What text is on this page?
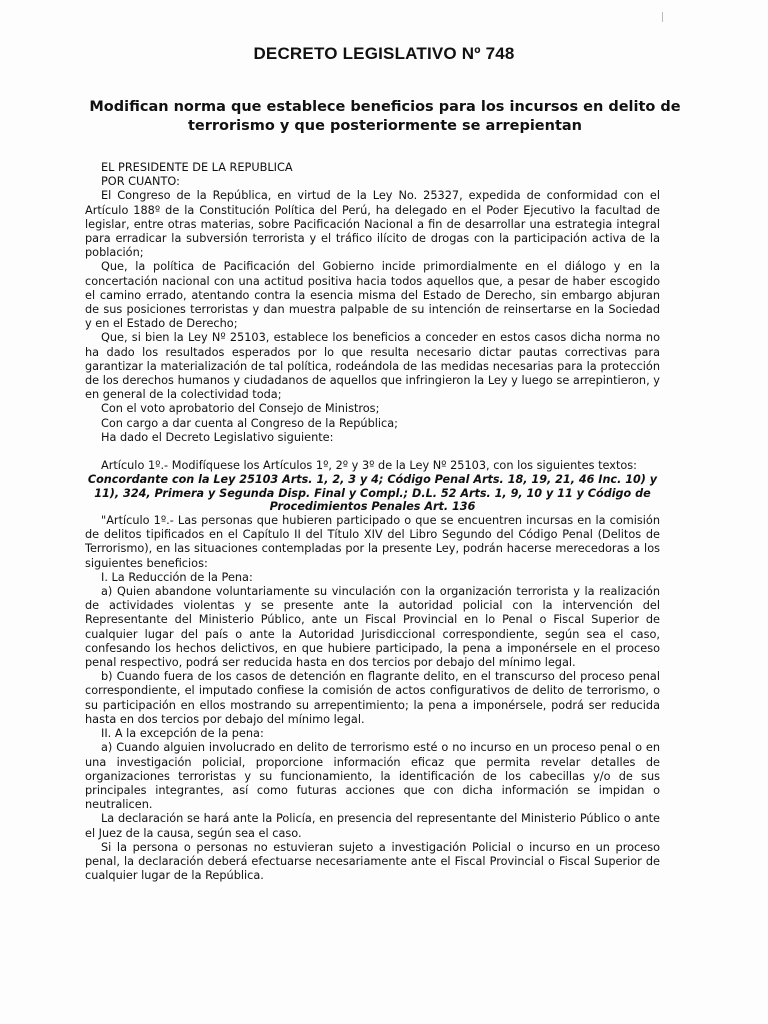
DECRETO LEGISLATIVO Nº 748
Modifican norma que establece beneficios para los incursos en delito de terrorismo y que posteriormente se arrepientan

EL PRESIDENTE DE LA REPUBLICA

POR CUANTO:

El Congreso de la República, en virtud de la Ley No. 25327, expedida de conformidad con el Artículo 188º de la Constitución Política del Perú, ha delegado en el Poder Ejecutivo la facultad de legislar, entre otras materias, sobre Pacificación Nacional a fin de desarrollar una estrategia integral para erradicar la subversión terrorista y el tráfico ilícito de drogas con la participación activa de la población;

Que, la política de Pacificación del Gobierno incide primordialmente en el diálogo y en la concertación nacional con una actitud positiva hacia todos aquellos que, a pesar de haber escogido el camino errado, atentando contra la esencia misma del Estado de Derecho, sin embargo abjuran de sus posiciones terroristas y dan muestra palpable de su intención de reinsertarse en la Sociedad y en el Estado de Derecho;

Que, si bien la Ley Nº 25103, establece los beneficios a conceder en estos casos dicha norma no ha dado los resultados esperados por lo que resulta necesario dictar pautas correctivas para garantizar la materialización de tal política, rodeándola de las medidas necesarias para la protección de los derechos humanos y ciudadanos de aquellos que infringieron la Ley y luego se arrepintieron, y en general de la colectividad toda;

Con el voto aprobatorio del Consejo de Ministros;

Con cargo a dar cuenta al Congreso de la República;

Ha dado el Decreto Legislativo siguiente:

Artículo 1º.- Modifíquese los Artículos 1º, 2º y 3º de la Ley Nº 25103, con los siguientes textos:

Concordante con la Ley 25103 Arts. 1, 2, 3 y 4; Código Penal Arts. 18, 19, 21, 46 Inc. 10) y 11), 324, Primera y Segunda Disp. Final y Compl.; D.L. 52 Arts. 1, 9, 10 y 11 y Código de Procedimientos Penales Art. 136

"Artículo 1º.- Las personas que hubieren participado o que se encuentren incursas en la comisión de delitos tipificados en el Capítulo II del Título XIV del Libro Segundo del Código Penal (Delitos de Terrorismo), en las situaciones contempladas por la presente Ley, podrán hacerse merecedoras a los siguientes beneficios:

I. La Reducción de la Pena:

a) Quien abandone voluntariamente su vinculación con la organización terrorista y la realización de actividades violentas y se presente ante la autoridad policial con la intervención del Representante del Ministerio Público, ante un Fiscal Provincial en lo Penal o Fiscal Superior de cualquier lugar del país o ante la Autoridad Jurisdiccional correspondiente, según sea el caso, confesando los hechos delictivos, en que hubiere participado, la pena a imponérsele en el proceso penal respectivo, podrá ser reducida hasta en dos tercios por debajo del mínimo legal.

b) Cuando fuera de los casos de detención en flagrante delito, en el transcurso del proceso penal correspondiente, el imputado confiese la comisión de actos configurativos de delito de terrorismo, o su participación en ellos mostrando su arrepentimiento; la pena a imponérsele, podrá ser reducida hasta en dos tercios por debajo del mínimo legal.

II. A la excepción de la pena:

a) Cuando alguien involucrado en delito de terrorismo esté o no incurso en un proceso penal o en una investigación policial, proporcione información eficaz que permita revelar detalles de organizaciones terroristas y su funcionamiento, la identificación de los cabecillas y/o de sus principales integrantes, así como futuras acciones que con dicha información se impidan o neutralicen.

La declaración se hará ante la Policía, en presencia del representante del Ministerio Público o ante el Juez de la causa, según sea el caso.

Si la persona o personas no estuvieran sujeto a investigación Policial o incurso en un proceso penal, la declaración deberá efectuarse necesariamente ante el Fiscal Provincial o Fiscal Superior de cualquier lugar de la República.
